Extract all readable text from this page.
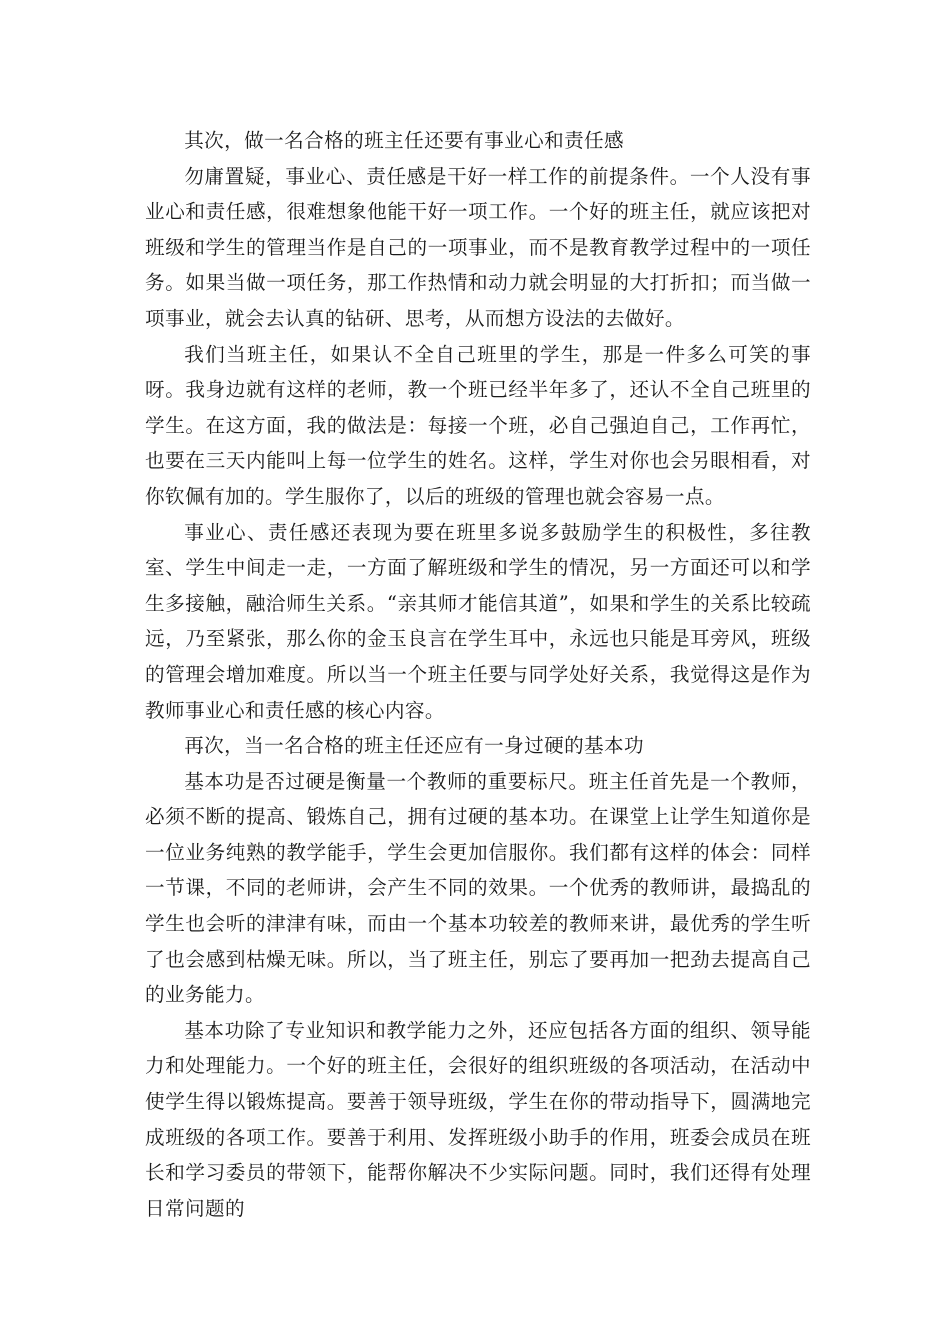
其次，做一名合格的班主任还要有事业心和责任感

勿庸置疑，事业心、责任感是干好一样工作的前提条件。一个人没有事业心和责任感，很难想象他能干好一项工作。一个好的班主任，就应该把对班级和学生的管理当作是自己的一项事业，而不是教育教学过程中的一项任务。如果当做一项任务，那工作热情和动力就会明显的大打折扣；而当做一项事业，就会去认真的钻研、思考，从而想方设法的去做好。

我们当班主任，如果认不全自己班里的学生，那是一件多么可笑的事呀。我身边就有这样的老师，教一个班已经半年多了，还认不全自己班里的学生。在这方面，我的做法是：每接一个班，必自己强迫自己，工作再忙，也要在三天内能叫上每一位学生的姓名。这样，学生对你也会另眼相看，对你钦佩有加的。学生服你了，以后的班级的管理也就会容易一点。

事业心、责任感还表现为要在班里多说多鼓励学生的积极性，多往教室、学生中间走一走，一方面了解班级和学生的情况，另一方面还可以和学生多接触，融洽师生关系。“亲其师才能信其道”，如果和学生的关系比较疏远，乃至紧张，那么你的金玉良言在学生耳中，永远也只能是耳旁风，班级的管理会增加难度。所以当一个班主任要与同学处好关系，我觉得这是作为教师事业心和责任感的核心内容。

再次，当一名合格的班主任还应有一身过硬的基本功

基本功是否过硬是衡量一个教师的重要标尺。班主任首先是一个教师，必须不断的提高、锻炼自己，拥有过硬的基本功。在课堂上让学生知道你是一位业务纯熟的教学能手，学生会更加信服你。我们都有这样的体会：同样一节课，不同的老师讲，会产生不同的效果。一个优秀的教师讲，最捣乱的学生也会听的津津有味，而由一个基本功较差的教师来讲，最优秀的学生听了也会感到枯燥无味。所以，当了班主任，别忘了要再加一把劲去提高自己的业务能力。

基本功除了专业知识和教学能力之外，还应包括各方面的组织、领导能力和处理能力。一个好的班主任，会很好的组织班级的各项活动，在活动中使学生得以锻炼提高。要善于领导班级，学生在你的带动指导下，圆满地完成班级的各项工作。要善于利用、发挥班级小助手的作用，班委会成员在班长和学习委员的带领下，能帮你解决不少实际问题。同时，我们还得有处理日常问题的
